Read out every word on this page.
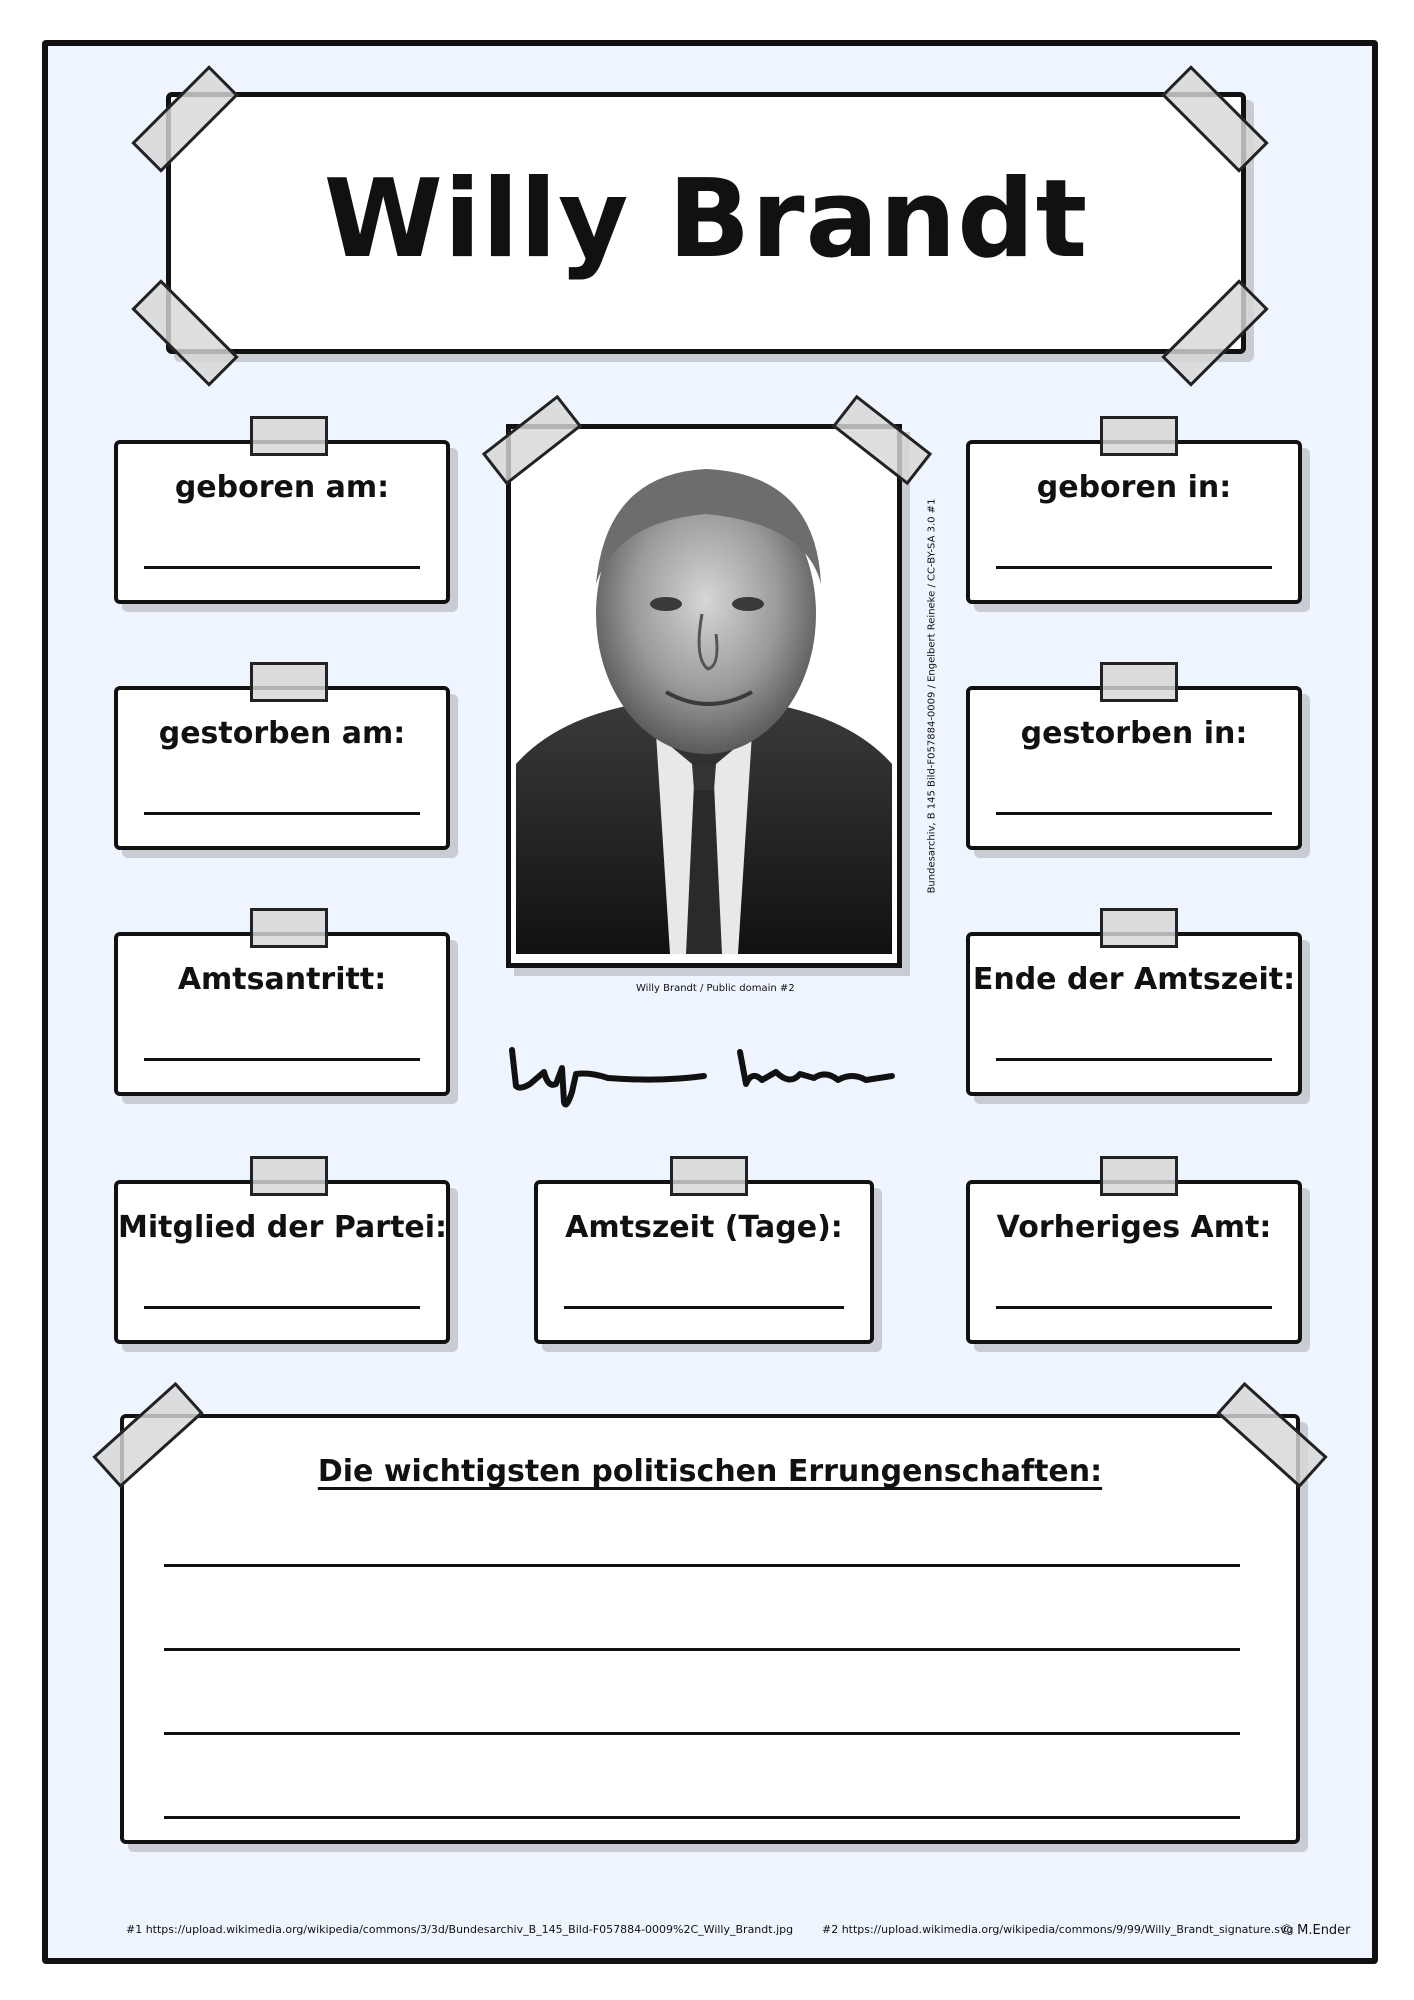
Willy Brandt
geboren am:	geboren in:
gestorben am:	gestorben in:
Amtsantritt:	Ende der Amtszeit:
Bundesarchiv, B 145 Bild-F057884-0009 / Engelbert Reineke / CC-BY-SA 3.0 #1
Willy Brandt / Public domain #2
Mitglied der Partei:	Amtszeit (Tage):	Vorheriges Amt:
Die wichtigsten politischen Errungenschaften:
#1 https://upload.wikimedia.org/wikipedia/commons/3/3d/Bundesarchiv_B_145_Bild-F057884-0009%2C_Willy_Brandt.jpg	#2 https://upload.wikimedia.org/wikipedia/commons/9/99/Willy_Brandt_signature.svg
© M.Ender
